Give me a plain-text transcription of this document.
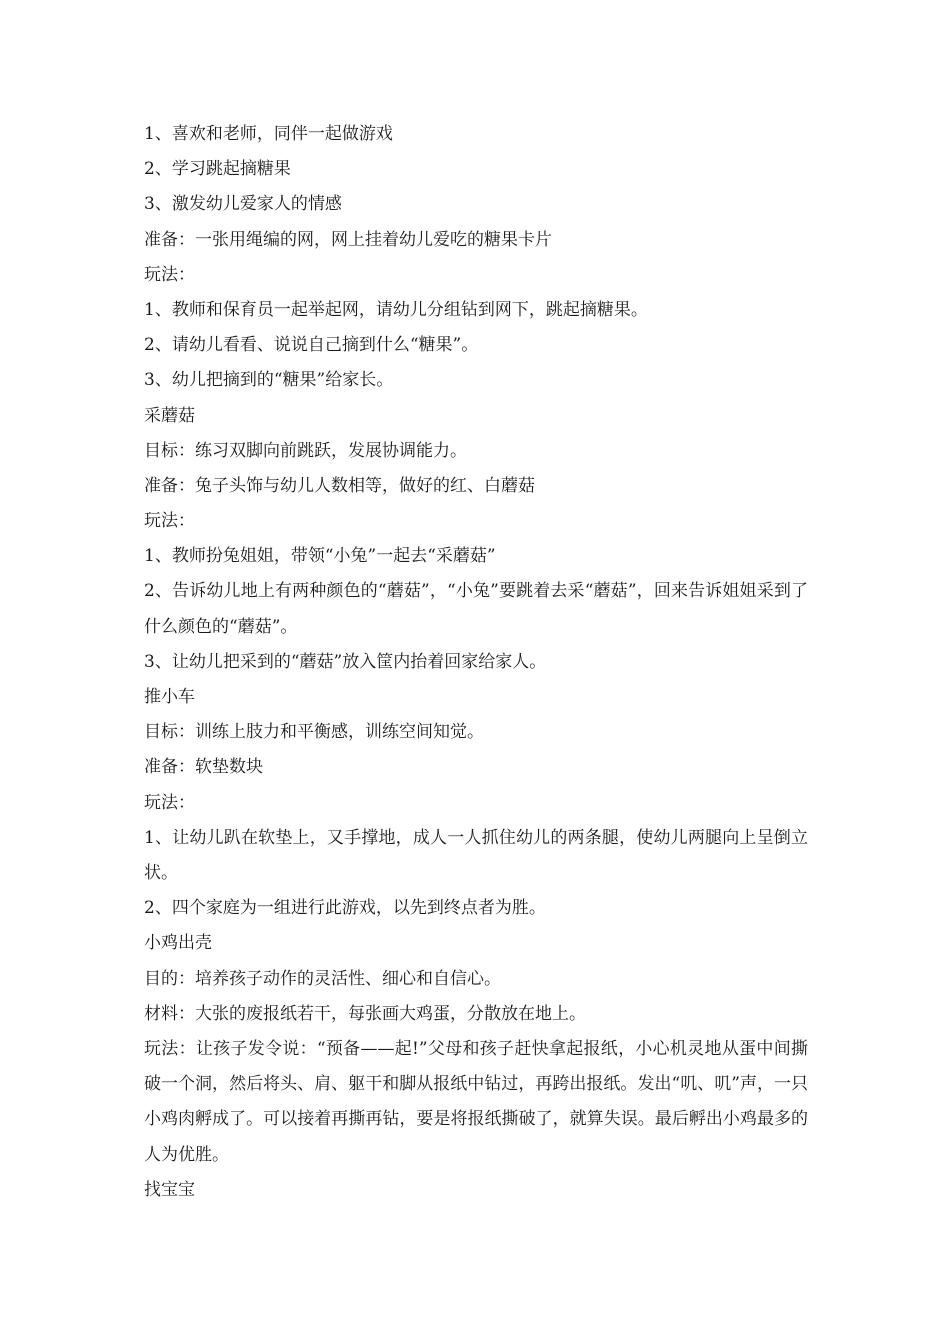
1、喜欢和老师，同伴一起做游戏
2、学习跳起摘糖果
3、激发幼儿爱家人的情感
准备：一张用绳编的网，网上挂着幼儿爱吃的糖果卡片
玩法：
1、教师和保育员一起举起网，请幼儿分组钻到网下，跳起摘糖果。
2、请幼儿看看、说说自己摘到什么“糖果”。
3、幼儿把摘到的“糖果”给家长。
采蘑菇
目标：练习双脚向前跳跃，发展协调能力。
准备：兔子头饰与幼儿人数相等，做好的红、白蘑菇
玩法：
1、教师扮兔姐姐，带领“小兔”一起去“采蘑菇”
2、告诉幼儿地上有两种颜色的“蘑菇”，“小兔”要跳着去采“蘑菇”，回来告诉姐姐采到了什么颜色的“蘑菇”。
3、让幼儿把采到的“蘑菇”放入筐内抬着回家给家人。
推小车
目标：训练上肢力和平衡感，训练空间知觉。
准备：软垫数块
玩法：
1、让幼儿趴在软垫上，又手撑地，成人一人抓住幼儿的两条腿，使幼儿两腿向上呈倒立状。
2、四个家庭为一组进行此游戏，以先到终点者为胜。
小鸡出壳
目的：培养孩子动作的灵活性、细心和自信心。
材料：大张的废报纸若干，每张画大鸡蛋，分散放在地上。
玩法：让孩子发令说：“预备——起!”父母和孩子赶快拿起报纸，小心机灵地从蛋中间撕破一个洞，然后将头、肩、躯干和脚从报纸中钻过，再跨出报纸。发出“叽、叽”声，一只小鸡肉孵成了。可以接着再撕再钻，要是将报纸撕破了，就算失误。最后孵出小鸡最多的人为优胜。
找宝宝
